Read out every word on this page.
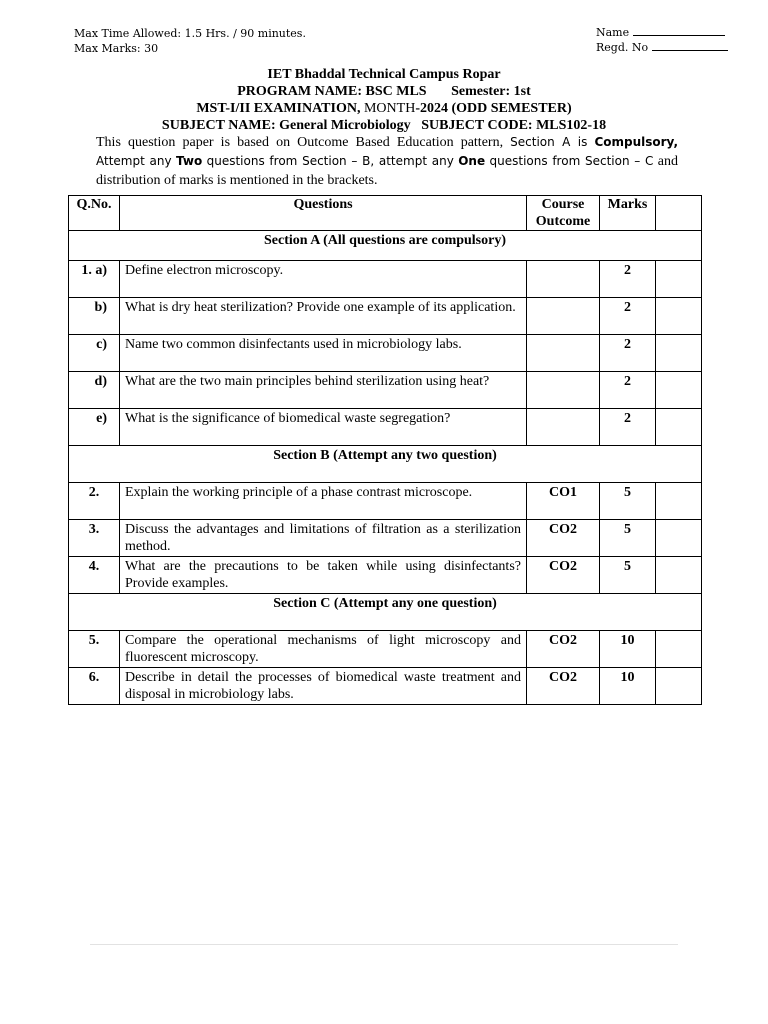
Max Time Allowed: 1.5 Hrs. / 90 minutes.
Max Marks: 30
Name
Regd. No
IET Bhaddal Technical Campus Ropar
PROGRAM NAME: BSC MLS Semester: 1st
MST-I/II EXAMINATION, MONTH-2024 (ODD SEMESTER)
SUBJECT NAME: General Microbiology SUBJECT CODE: MLS102-18
This question paper is based on Outcome Based Education pattern, Section A is Compulsory, Attempt any Two questions from Section – B, attempt any One questions from Section – C and distribution of marks is mentioned in the brackets.
Q.No.	Questions	Course Outcome	Marks	
Section A (All questions are compulsory)				
1. a)	Define electron microscopy.		2	
b)	What is dry heat sterilization? Provide one example of its application.		2	
c)	Name two common disinfectants used in microbiology labs.		2	
d)	What are the two main principles behind sterilization using heat?		2	
e)	What is the significance of biomedical waste segregation?		2	
Section B (Attempt any two question)				
2.	Explain the working principle of a phase contrast microscope.	CO1	5	
3.	Discuss the advantages and limitations of filtration as a sterilization method.	CO2	5	
4.	What are the precautions to be taken while using disinfectants? Provide examples.	CO2	5	
Section C (Attempt any one question)				
5.	Compare the operational mechanisms of light microscopy and fluorescent microscopy.	CO2	10	
6.	Describe in detail the processes of biomedical waste treatment and disposal in microbiology labs.	CO2	10	
